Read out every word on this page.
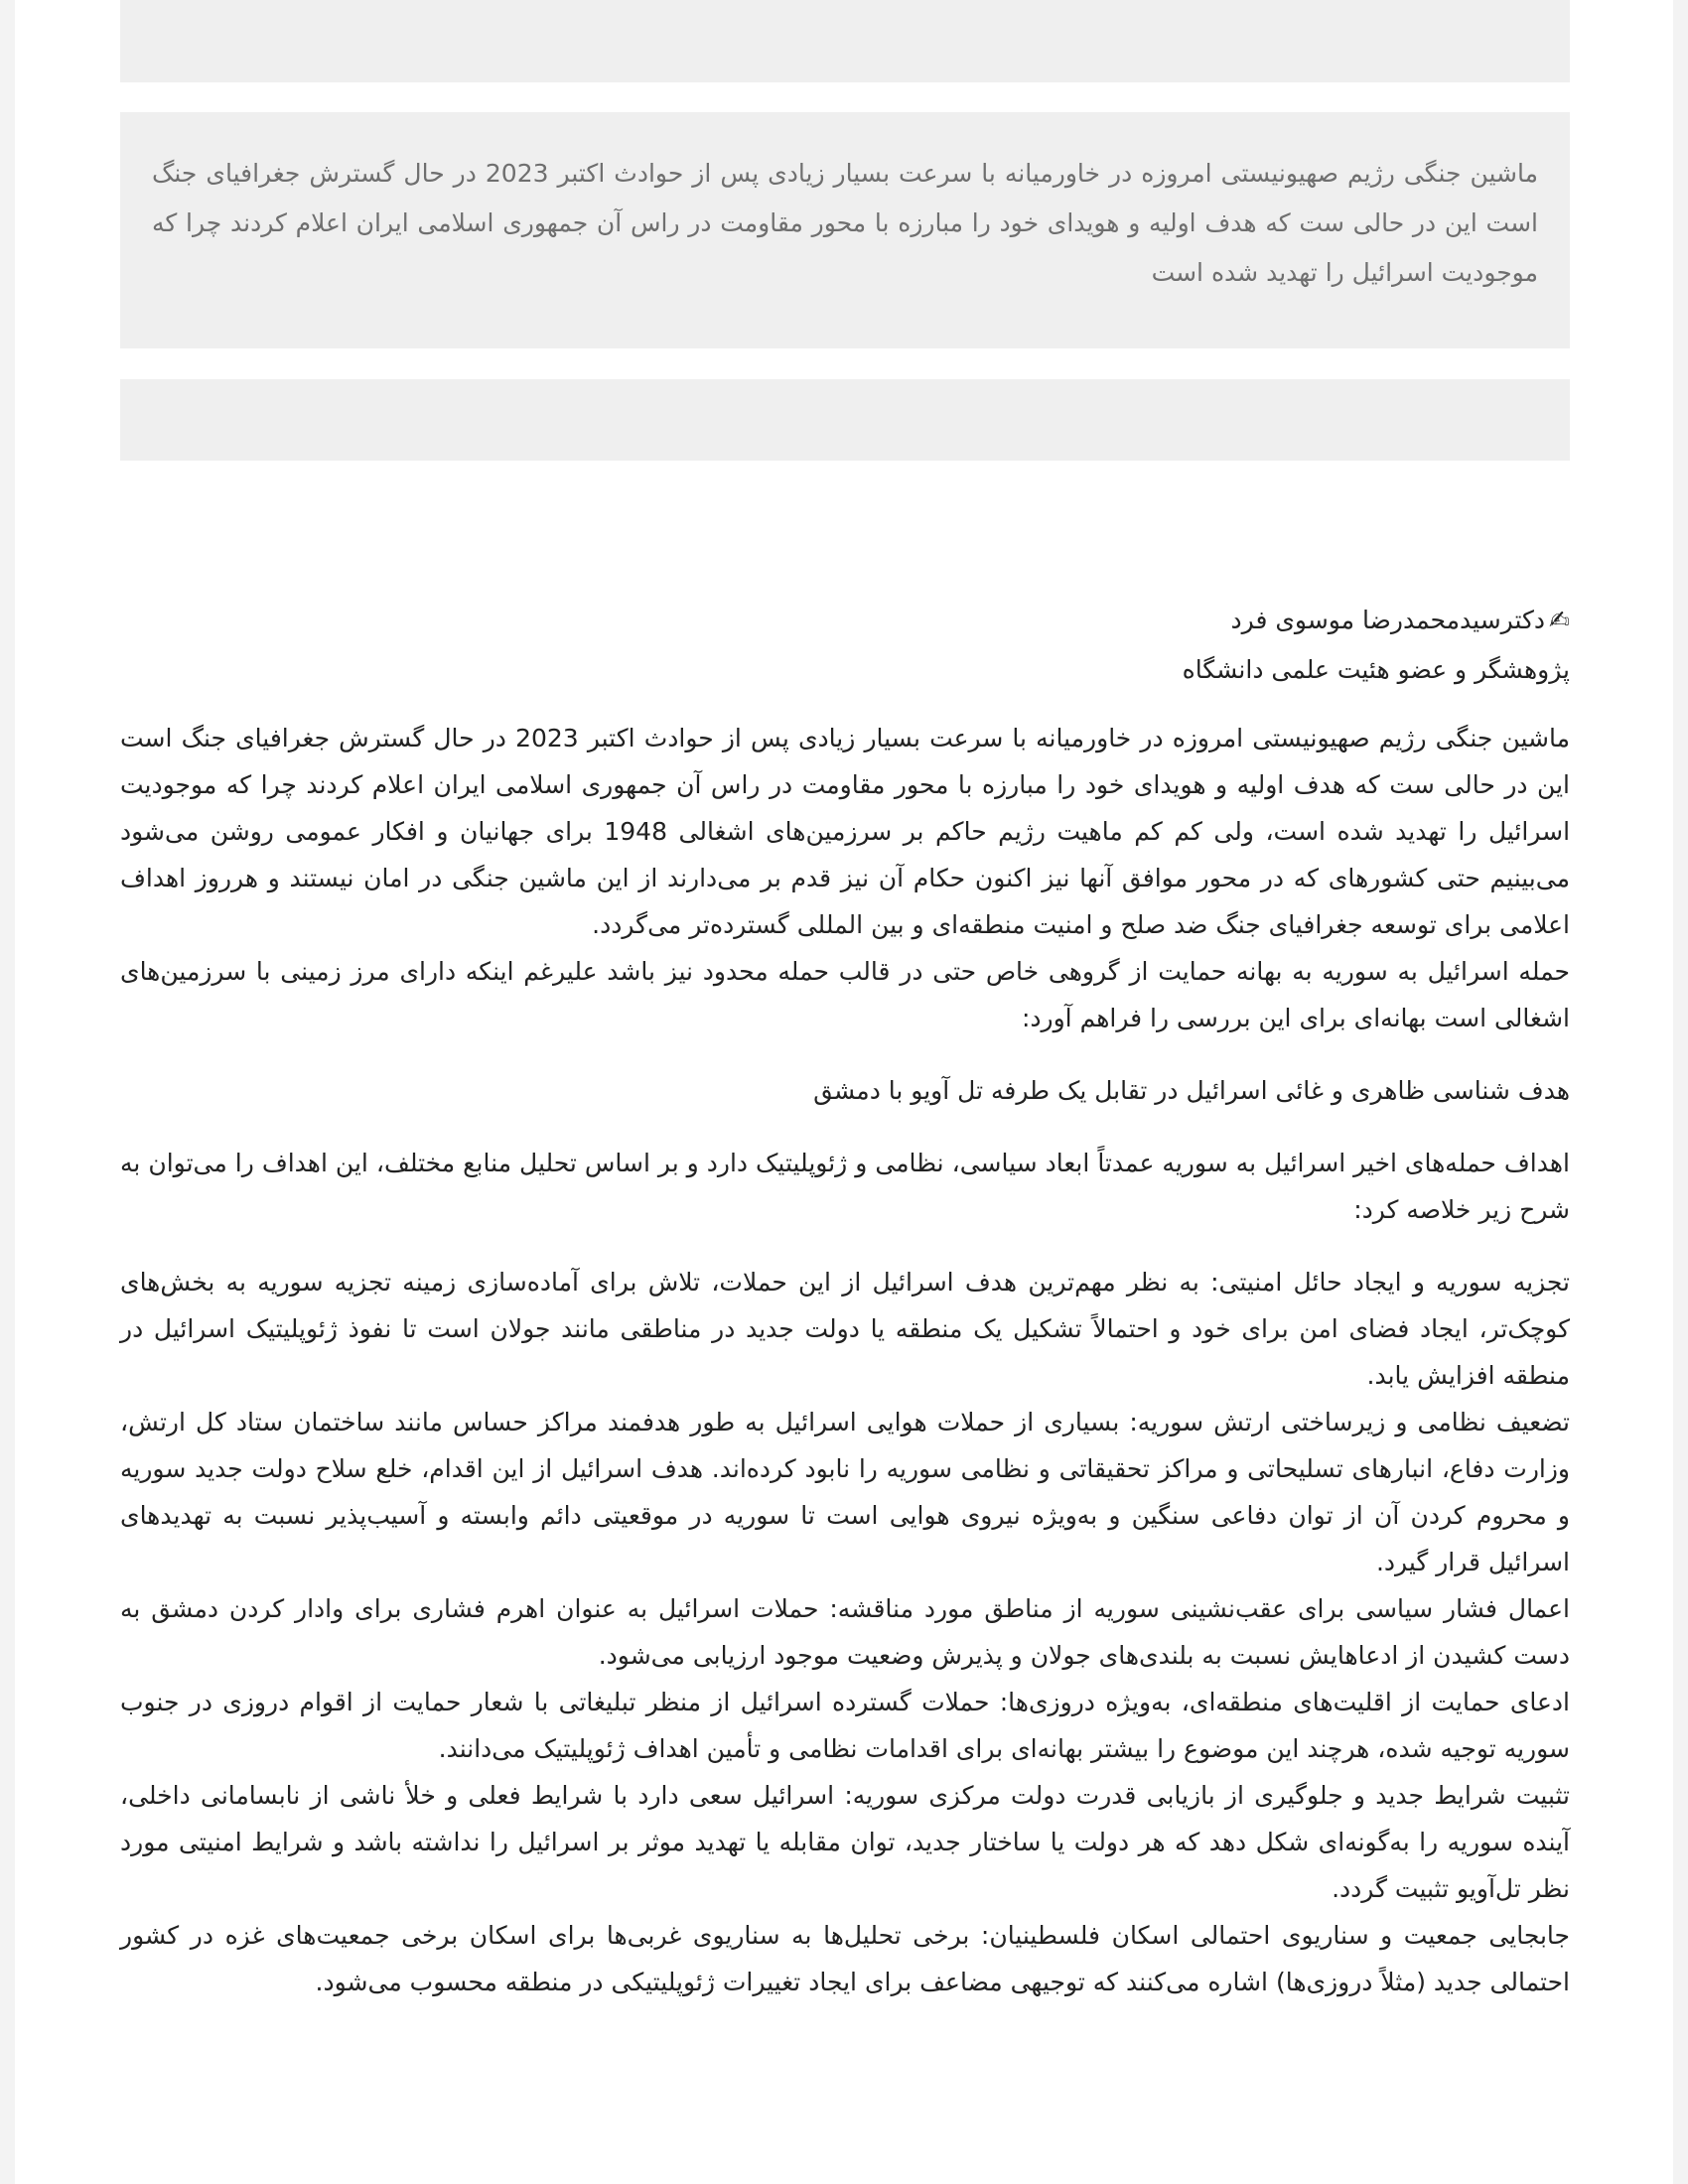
ماشین جنگی رژیم صهیونیستی امروزه در خاورمیانه با سرعت بسیار زیادی پس از حوادث اکتبر 2023 در حال گسترش جغرافیای جنگ است این در حالی ست که هدف اولیه و هویدای خود را مبارزه با محور مقاومت در راس آن جمهوری اسلامی ایران اعلام کردند چرا که موجودیت اسرائیل را تهدید شده است

✍دکترسیدمحمدرضا موسوی فرد

پژوهشگر و عضو هئیت علمی دانشگاه

ماشین جنگی رژیم صهیونیستی امروزه در خاورمیانه با سرعت بسیار زیادی پس از حوادث اکتبر 2023 در حال گسترش جغرافیای جنگ است این در حالی ست که هدف اولیه و هویدای خود را مبارزه با محور مقاومت در راس آن جمهوری اسلامی ایران اعلام کردند چرا که موجودیت اسرائیل را تهدید شده است، ولی کم کم ماهیت رژیم حاکم بر سرزمین‌های اشغالی 1948 برای جهانیان و افکار عمومی روشن می‌شود می‌بینیم حتی کشورهای که در محور موافق آنها نیز اکنون حکام آن نیز قدم بر می‌دارند از این ماشین جنگی در امان نیستند و هرروز اهداف اعلامی برای توسعه جغرافیای جنگ ضد صلح و امنیت منطقه‌ای و بین المللی گسترده‌تر می‌گردد.

حمله اسرائیل به سوریه به بهانه حمایت از گروهی خاص حتی در قالب حمله محدود نیز باشد علیرغم اینکه دارای مرز زمینی با سرزمین‌های اشغالی است بهانه‌ای برای این بررسی را فراهم آورد:

هدف شناسی ظاهری و غائی اسرائیل در تقابل یک طرفه تل آویو با دمشق

اهداف حمله‌های اخیر اسرائیل به سوریه عمدتاً ابعاد سیاسی، نظامی و ژئوپلیتیک دارد و بر اساس تحلیل منابع مختلف، این اهداف را می‌توان به شرح زیر خلاصه کرد:

تجزیه سوریه و ایجاد حائل امنیتی: به نظر مهم‌ترین هدف اسرائیل از این حملات، تلاش برای آماده‌سازی زمینه تجزیه سوریه به بخش‌های کوچک‌تر، ایجاد فضای امن برای خود و احتمالاً تشکیل یک منطقه یا دولت جدید در مناطقی مانند جولان است تا نفوذ ژئوپلیتیک اسرائیل در منطقه افزایش یابد.

تضعیف نظامی و زیرساختی ارتش سوریه: بسیاری از حملات هوایی اسرائیل به طور هدفمند مراکز حساس مانند ساختمان ستاد کل ارتش، وزارت دفاع، انبارهای تسلیحاتی و مراکز تحقیقاتی و نظامی سوریه را نابود کرده‌اند. هدف اسرائیل از این اقدام، خلع سلاح دولت جدید سوریه و محروم کردن آن از توان دفاعی سنگین و به‌ویژه نیروی هوایی است تا سوریه در موقعیتی دائم وابسته و آسیب‌پذیر نسبت به تهدیدهای اسرائیل قرار گیرد.

اعمال فشار سیاسی برای عقب‌نشینی سوریه از مناطق مورد مناقشه: حملات اسرائیل به عنوان اهرم فشاری برای وادار کردن دمشق به دست کشیدن از ادعاهایش نسبت به بلندی‌های جولان و پذیرش وضعیت موجود ارزیابی می‌شود.

ادعای حمایت از اقلیت‌های منطقه‌ای، به‌ویژه دروزی‌ها: حملات گسترده اسرائیل از منظر تبلیغاتی با شعار حمایت از اقوام دروزی در جنوب سوریه توجیه شده، هرچند این موضوع را بیشتر بهانه‌ای برای اقدامات نظامی و تأمین اهداف ژئوپلیتیک می‌دانند.

تثبیت شرایط جدید و جلوگیری از بازیابی قدرت دولت مرکزی سوریه: اسرائیل سعی دارد با شرایط فعلی و خلأ ناشی از نابسامانی داخلی، آینده سوریه را به‌گونه‌ای شکل دهد که هر دولت یا ساختار جدید، توان مقابله یا تهدید موثر بر اسرائیل را نداشته باشد و شرایط امنیتی مورد نظر تل‌آویو تثبیت گردد.

جابجایی جمعیت و سناریوی احتمالی اسکان فلسطینیان: برخی تحلیل‌ها به سناریوی غربی‌ها برای اسکان برخی جمعیت‌های غزه در کشور احتمالی جدید (مثلاً دروزی‌ها) اشاره می‌کنند که توجیهی مضاعف برای ایجاد تغییرات ژئوپلیتیکی در منطقه محسوب می‌شود.
